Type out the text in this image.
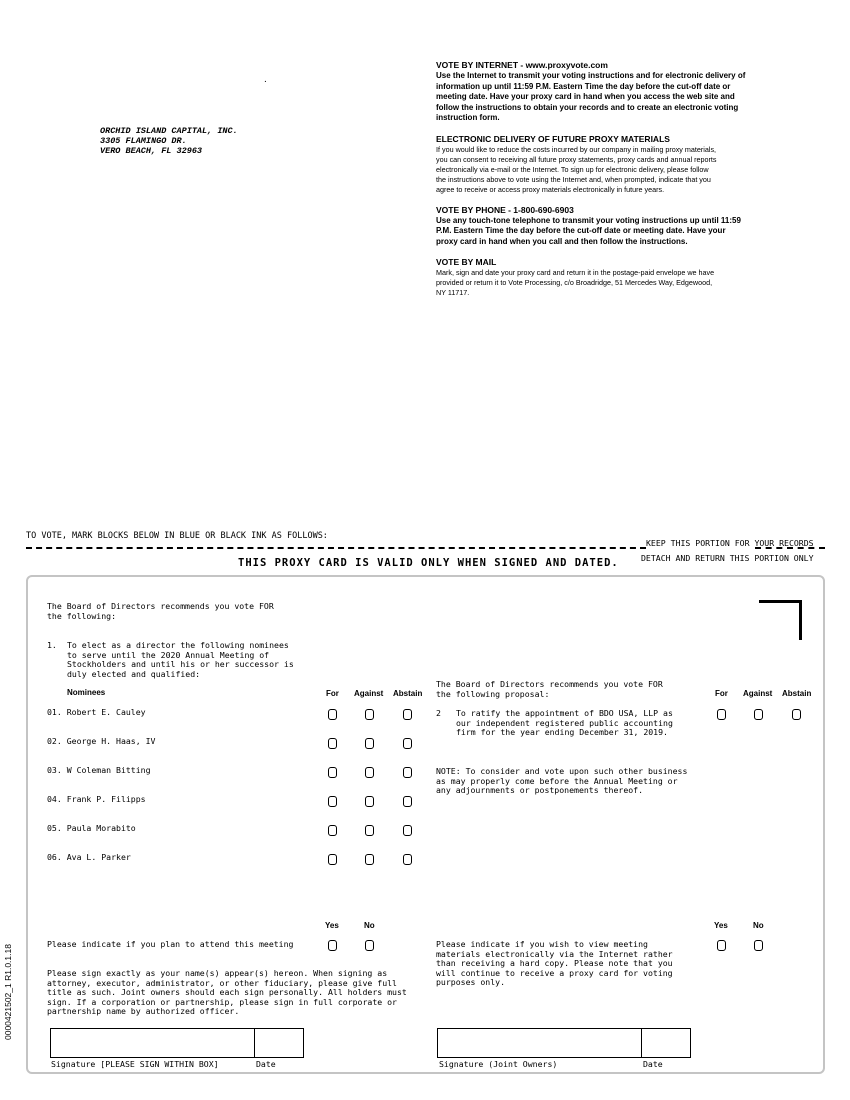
.
ORCHID ISLAND CAPITAL, INC.
3305 FLAMINGO DR.
VERO BEACH, FL 32963
VOTE BY INTERNET - www.proxyvote.com
Use the Internet to transmit your voting instructions and for electronic delivery of
information up until 11:59 P.M. Eastern Time the day before the cut-off date or
meeting date. Have your proxy card in hand when you access the web site and
follow the instructions to obtain your records and to create an electronic voting
instruction form.
ELECTRONIC DELIVERY OF FUTURE PROXY MATERIALS
If you would like to reduce the costs incurred by our company in mailing proxy materials,
you can consent to receiving all future proxy statements, proxy cards and annual reports
electronically via e-mail or the Internet. To sign up for electronic delivery, please follow
the instructions above to vote using the Internet and, when prompted, indicate that you
agree to receive or access proxy materials electronically in future years.
VOTE BY PHONE - 1-800-690-6903
Use any touch-tone telephone to transmit your voting instructions up until 11:59
P.M. Eastern Time the day before the cut-off date or meeting date. Have your
proxy card in hand when you call and then follow the instructions.
VOTE BY MAIL
Mark, sign and date your proxy card and return it in the postage-paid envelope we have
provided or return it to Vote Processing, c/o Broadridge, 51 Mercedes Way, Edgewood,
NY 11717.
TO VOTE, MARK BLOCKS BELOW IN BLUE OR BLACK INK AS FOLLOWS:
KEEP THIS PORTION FOR YOUR RECORDS
DETACH AND RETURN THIS PORTION ONLY
THIS PROXY CARD IS VALID ONLY WHEN SIGNED AND DATED.
The Board of Directors recommends you vote FOR
the following:
1. To elect as a director the following nominees
to serve until the 2020 Annual Meeting of
Stockholders and until his or her successor is
duly elected and qualified:
Nominees	For Against Abstain
01. Robert E. Cauley
02. George H. Haas, IV
03. W Coleman Bitting
04. Frank P. Filipps
05. Paula Morabito
06. Ava L. Parker
The Board of Directors recommends you vote FOR
the following proposal:	For Against Abstain
2 To ratify the appointment of BDO USA, LLP as
our independent registered public accounting
firm for the year ending December 31, 2019.
NOTE: To consider and vote upon such other business
as may properly come before the Annual Meeting or
any adjournments or postponements thereof.
Yes	No
Please indicate if you plan to attend this meeting
Yes	No
Please indicate if you wish to view meeting
materials electronically via the Internet rather
than receiving a hard copy. Please note that you
will continue to receive a proxy card for voting
purposes only.
Please sign exactly as your name(s) appear(s) hereon. When signing as
attorney, executor, administrator, or other fiduciary, please give full
title as such. Joint owners should each sign personally. All holders must
sign. If a corporation or partnership, please sign in full corporate or
partnership name by authorized officer.
Signature [PLEASE SIGN WITHIN BOX]	Date	Signature (Joint Owners)	Date
0000421502_1 R1.0.1.18
